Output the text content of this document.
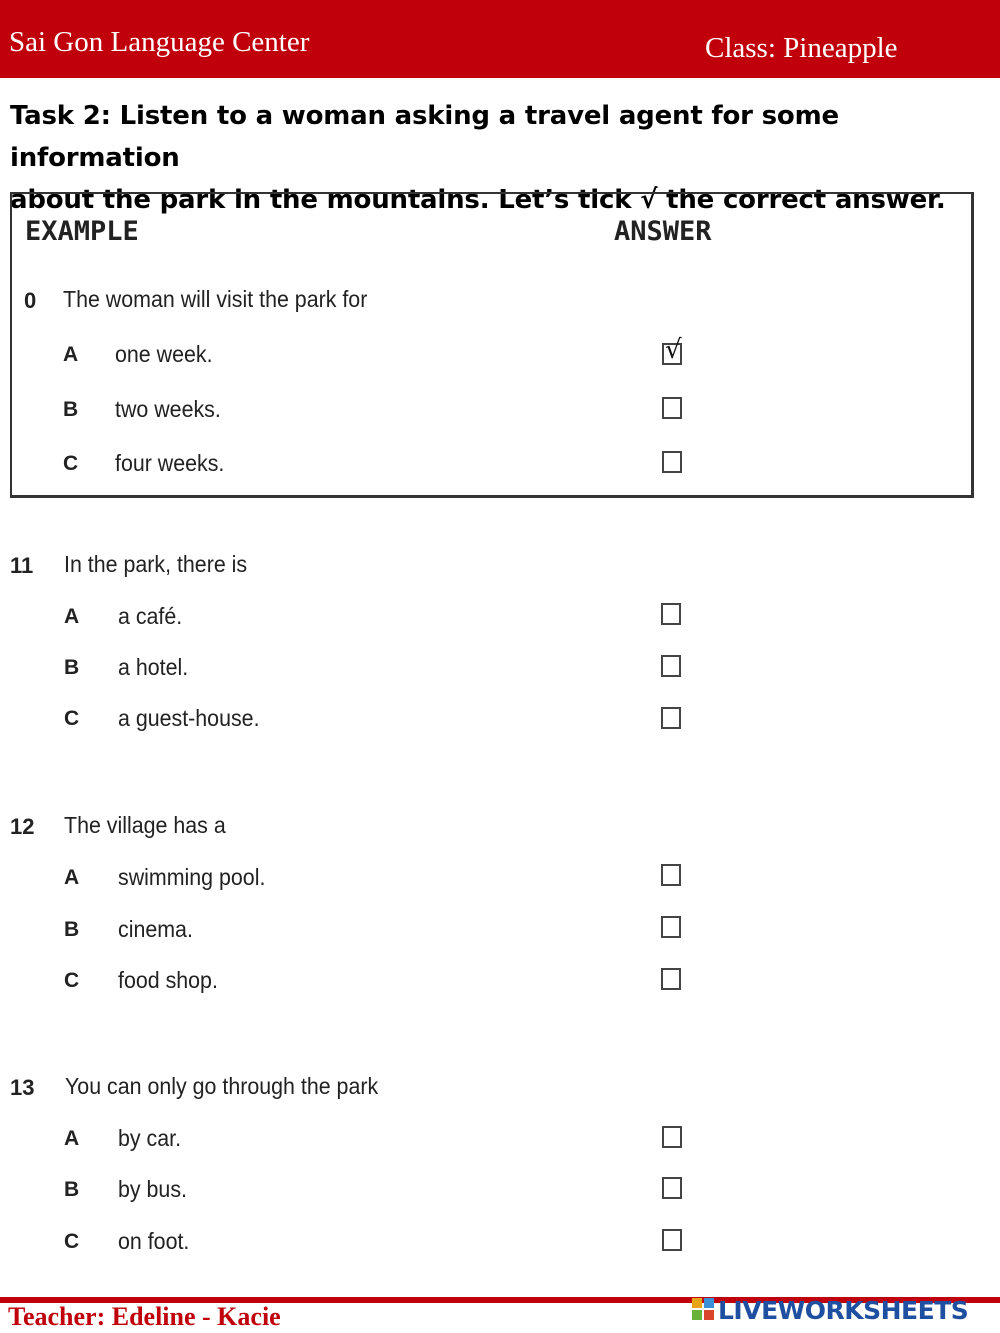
Sai Gon Language Center	Class: Pineapple
Task 2: Listen to a woman asking a travel agent for some information
about the park in the mountains. Let’s tick √ the correct answer.
EXAMPLE	ANSWER
0 The woman will visit the park for
A one week.	√
B two weeks.
C four weeks.
11 In the park, there is
A a café.
B a hotel.
C a guest-house.
12 The village has a
A swimming pool.
B cinema.
C food shop.
13 You can only go through the park
A by car.
B by bus.
C on foot.
Teacher: Edeline - Kacie	LIVEWORKSHEETS
